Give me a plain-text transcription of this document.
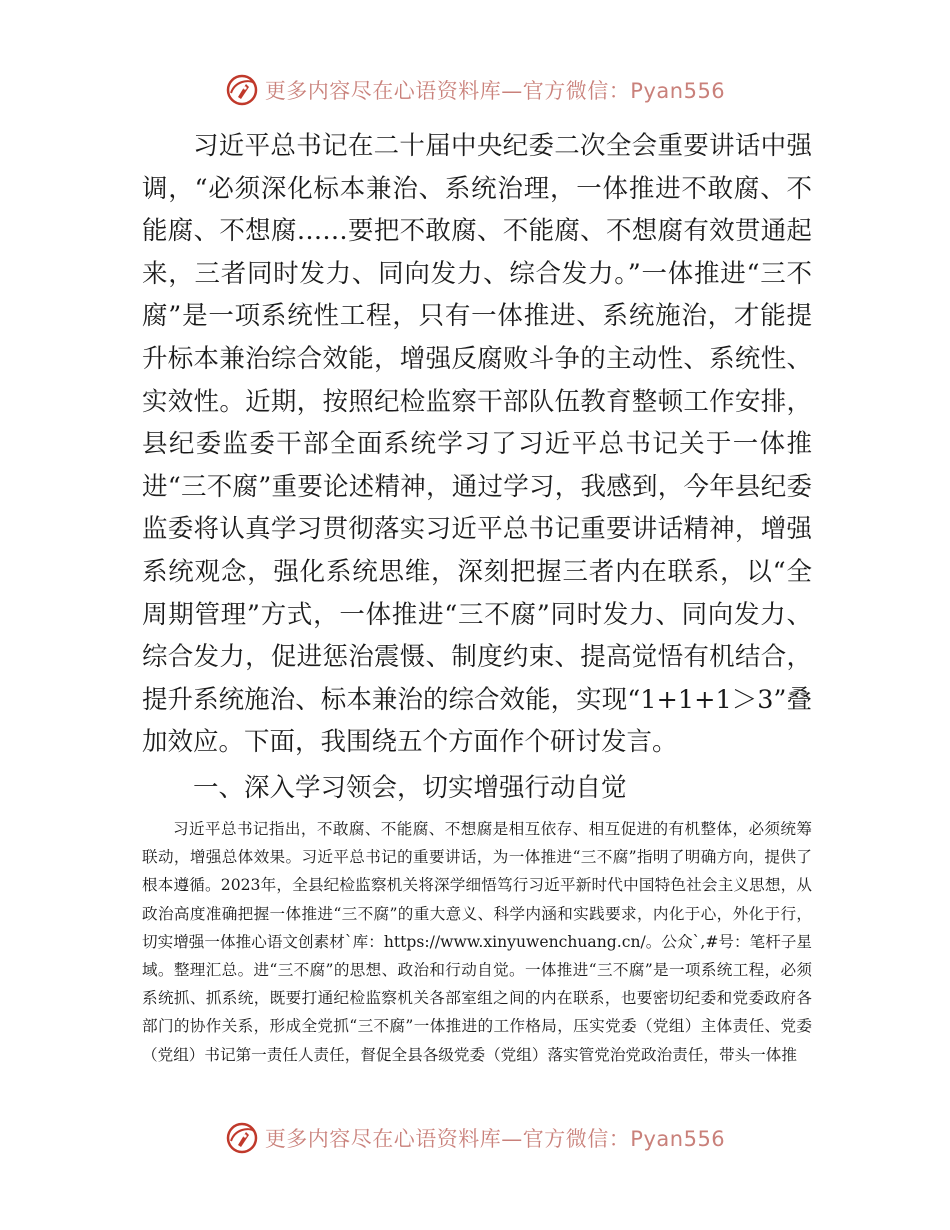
更多内容尽在心语资料库—官方微信：Pyan556

习近平总书记在二十届中央纪委二次全会重要讲话中强调，“必须深化标本兼治、系统治理，一体推进不敢腐、不能腐、不想腐……要把不敢腐、不能腐、不想腐有效贯通起来，三者同时发力、同向发力、综合发力。”一体推进“三不腐”是一项系统性工程，只有一体推进、系统施治，才能提升标本兼治综合效能，增强反腐败斗争的主动性、系统性、实效性。近期，按照纪检监察干部队伍教育整顿工作安排，县纪委监委干部全面系统学习了习近平总书记关于一体推进“三不腐”重要论述精神，通过学习，我感到，今年县纪委监委将认真学习贯彻落实习近平总书记重要讲话精神，增强系统观念，强化系统思维，深刻把握三者内在联系，以“全周期管理”方式，一体推进“三不腐”同时发力、同向发力、综合发力，促进惩治震慑、制度约束、提高觉悟有机结合，提升系统施治、标本兼治的综合效能，实现“1+1+1＞3”叠加效应。下面，我围绕五个方面作个研讨发言。

一、深入学习领会，切实增强行动自觉

习近平总书记指出，不敢腐、不能腐、不想腐是相互依存、相互促进的有机整体，必须统筹联动，增强总体效果。习近平总书记的重要讲话，为一体推进“三不腐”指明了明确方向，提供了根本遵循。2023年，全县纪检监察机关将深学细悟笃行习近平新时代中国特色社会主义思想，从政治高度准确把握一体推进“三不腐”的重大意义、科学内涵和实践要求，内化于心，外化于行，切实增强一体推心语文创素材`库：https://www.xinyuwenchuang.cn/。公众`,#号：笔杆子星域。整理汇总。进“三不腐”的思想、政治和行动自觉。一体推进“三不腐”是一项系统工程，必须系统抓、抓系统，既要打通纪检监察机关各部室组之间的内在联系，也要密切纪委和党委政府各部门的协作关系，形成全党抓“三不腐”一体推进的工作格局，压实党委（党组）主体责任、党委（党组）书记第一责任人责任，督促全县各级党委（党组）落实管党治党政治责任，带头一体推

更多内容尽在心语资料库—官方微信：Pyan556
